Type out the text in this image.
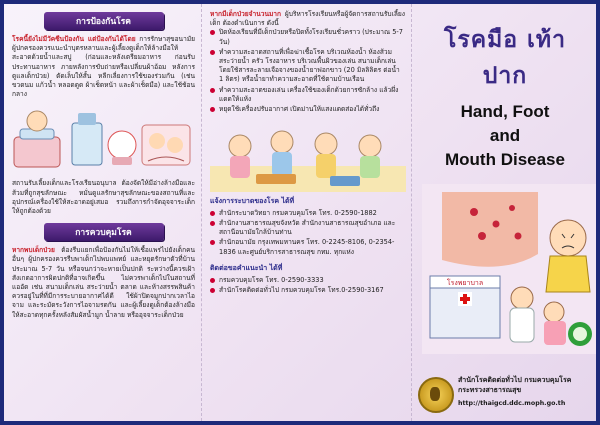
การป้องกันโรค

โรคนี้ยังไม่มีวัคซีนป้องกัน แต่ป้องกันได้โดย การรักษาสุขอนามัย ผู้ปกครองควรแนะนำบุตรหลานและผู้เลี้ยงดูเด็กให้ล้างมือให้สะอาดด้วยน้ำและสบู่ (ก่อนและหลังเตรียมอาหาร ก่อนรับประทานอาหาร ภายหลังการขับถ่ายหรือเปลี่ยนผ้าอ้อม หลังการดูแลเด็กป่วย) ตัดเล็บให้สั้น หลีกเลี่ยงการใช้ของร่วมกัน (เช่น ขวดนม แก้วน้ำ หลอดดูด ผ้าเช็ดหน้า และผ้าเช็ดมือ) และใช้ช้อนกลาง

สถานรับเลี้ยงเด็กและโรงเรียนอนุบาล ต้องจัดให้มีอ่างล้างมือและส้วมที่ถูกสุขลักษณะ หมั่นดูแลรักษาสุขลักษณะของสถานที่และอุปกรณ์เครื่องใช้ให้สะอาดอยู่เสมอ รวมถึงการกำจัดอุจจาระเด็กให้ถูกต้องด้วย

การควบคุมโรค

หากพบเด็กป่วย ต้องรีบแยกเพื่อป้องกันไม่ให้เชื้อแพร่ไปยังเด็กคนอื่นๆ ผู้ปกครองควรรีบพาเด็กไปพบแพทย์ และหยุดรักษาตัวที่บ้านประมาณ 5-7 วัน หรือจนกว่าจะหายเป็นปกติ ระหว่างนี้ควรเฝ้าสังเกตอาการผิดปกติที่อาจเกิดขึ้น ไม่ควรพาเด็กไปในสถานที่แออัด เช่น สนามเด็กเล่น สระว่ายน้ำ ตลาด และห้างสรรพสินค้า ควรอยู่ในที่ที่มีการระบายอากาศได้ดี ใช้ผ้าปิดจมูกปากเวลาไอจาม และระมัดระวังการไอจามรดกัน และผู้เลี้ยงดูเด็กต้องล้างมือให้สะอาดทุกครั้งหลังสัมผัสน้ำมูก น้ำลาย หรืออุจจาระเด็กป่วย

หากมีเด็กป่วยจำนวนมาก ผู้บริหารโรงเรียนหรือผู้จัดการสถานรับเลี้ยงเด็ก ต้องดำเนินการ ดังนี้

ปิดห้องเรียนที่มีเด็กป่วยหรือปิดทั้งโรงเรียนชั่วคราว (ประมาณ 5-7 วัน)
ทำความสะอาดสถานที่เพื่อฆ่าเชื้อโรค บริเวณห้องน้ำ ห้องส้วม สระว่ายน้ำ ครัว โรงอาหาร บริเวณพื้นผิวของเล่น สนามเด็กเล่น โดยใช้สารละลายเจือจางของน้ำยาฟอกขาว (20 มิลลิลิตร ต่อน้ำ 1 ลิตร) หรือน้ำยาทำความสะอาดที่ใช้ตามบ้านเรือน
ทำความสะอาดของเล่น เครื่องใช้ของเด็กด้วยการซักล้าง แล้วผึ่งแดดให้แห้ง
หยุดใช้เครื่องปรับอากาศ เปิดม่านให้แสงแดดส่องได้ทั่วถึง
แจ้งการระบาดของโรค ได้ที่
สำนักระบาดวิทยา กรมควบคุมโรค โทร. 0-2590-1882
สำนักงานสาธารณสุขจังหวัด สำนักงานสาธารณสุขอำเภอ และสถานีอนามัยใกล้บ้านท่าน
สำนักอนามัย กรุงเทพมหานคร โทร. 0-2245-8106, 0-2354-1836 และศูนย์บริการสาธารณสุข กทม. ทุกแห่ง
ติดต่อขอคำแนะนำ ได้ที่
กรมควบคุมโรค โทร. 0-2590-3333
สำนักโรคติดต่อทั่วไป กรมควบคุมโรค โทร.0-2590-3167
โรคมือ เท้า ปาก
Hand, Foot
and
Mouth Disease
โรงพยาบาล
สำนักโรคติดต่อทั่วไป กรมควบคุมโรค
กระทรวงสาธารณสุข
http://thaigcd.ddc.moph.go.th
